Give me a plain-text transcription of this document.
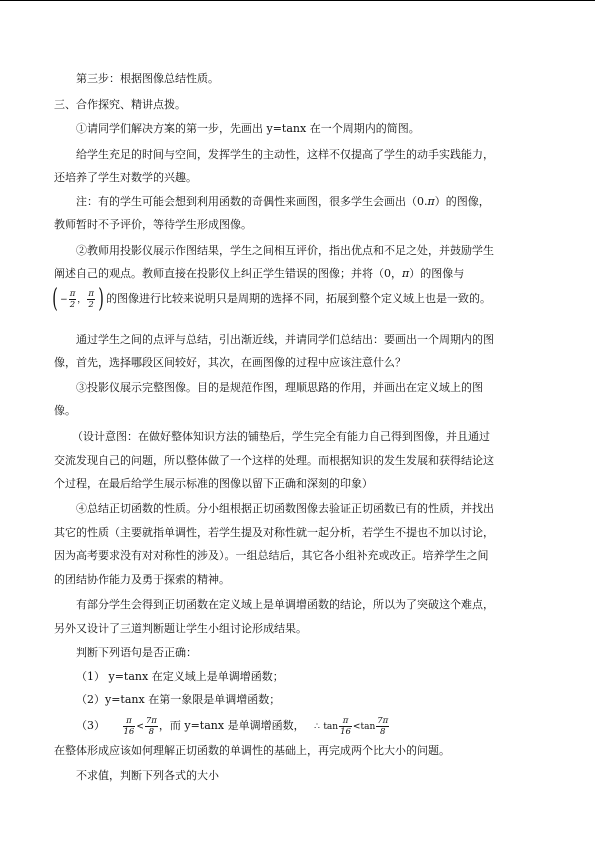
第三步：根据图像总结性质。
三、合作探究、精讲点拨。
①请同学们解决方案的第一步，先画出 y=tanx 在一个周期内的简图。
给学生充足的时间与空间，发挥学生的主动性，这样不仅提高了学生的动手实践能力，
还培养了学生对数学的兴趣。
注：有的学生可能会想到利用函数的奇偶性来画图，很多学生会画出（0.π）的图像，
教师暂时不予评价，等待学生形成图像。
②教师用投影仪展示作图结果，学生之间相互评价，指出优点和不足之处，并鼓励学生
阐述自己的观点。教师直接在投影仪上纠正学生错误的图像；并将（0，π）的图像与
( − $\frac{\pi}{2}$ ， $\frac{\pi}{2}$ ) 的图像进行比较来说明只是周期的选择不同，拓展到整个定义域上也是一致的。
通过学生之间的点评与总结，引出渐近线，并请同学们总结出：要画出一个周期内的图
像，首先，选择哪段区间较好，其次，在画图像的过程中应该注意什么？
③投影仪展示完整图像。目的是规范作图，理顺思路的作用，并画出在定义域上的图
像。
（设计意图：在做好整体知识方法的铺垫后，学生完全有能力自己得到图像，并且通过
交流发现自己的问题，所以整体做了一个这样的处理。而根据知识的发生发展和获得结论这
个过程，在最后给学生展示标准的图像以留下正确和深刻的印象）
④总结正切函数的性质。分小组根据正切函数图像去验证正切函数已有的性质，并找出
其它的性质（主要就指单调性，若学生提及对称性就一起分析，若学生不提也不加以讨论，
因为高考要求没有对对称性的涉及）。一组总结后，其它各小组补充或改正。培养学生之间
的团结协作能力及勇于探索的精神。
有部分学生会得到正切函数在定义域上是单调增函数的结论，所以为了突破这个难点，
另外又设计了三道判断题让学生小组讨论形成结果。
判断下列语句是否正确：
（1） y=tanx 在定义域上是单调增函数；
（2）y=tanx 在第一象限是单调增函数；
$(3) \frac{\pi}{16} < \frac{7\pi}{8}$ ，而 y=tanx 是单调增函数， ∴ $\tan \frac{\pi}{16} <\tan \frac{7\pi}{8}$
在整体形成应该如何理解正切函数的单调性的基础上，再完成两个比大小的问题。
不求值，判断下列各式的大小
